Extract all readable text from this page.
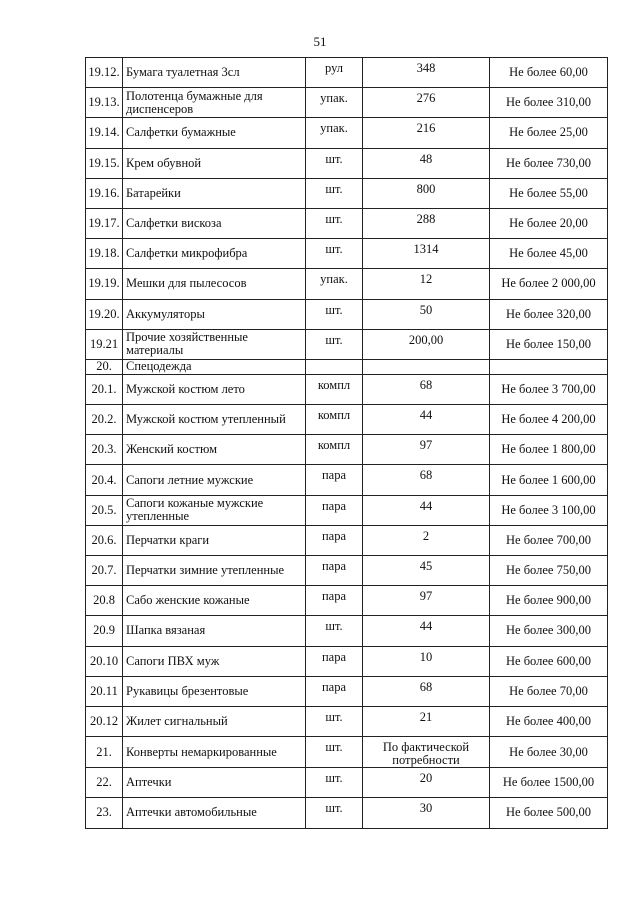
51
19.12.	Бумага туалетная 3сл	рул	348	Не более 60,00
19.13.	Полотенца бумажные для диспенсеров	упак.	276	Не более 310,00
19.14.	Салфетки бумажные	упак.	216	Не более 25,00
19.15.	Крем обувной	шт.	48	Не более 730,00
19.16.	Батарейки	шт.	800	Не более 55,00
19.17.	Салфетки вискоза	шт.	288	Не более 20,00
19.18.	Салфетки микрофибра	шт.	1314	Не более 45,00
19.19.	Мешки для пылесосов	упак.	12	Не более 2 000,00
19.20.	Аккумуляторы	шт.	50	Не более 320,00
19.21	Прочие хозяйственные материалы	шт.	200,00	Не более 150,00
20.	Спецодежда			
20.1.	Мужской костюм лето	компл	68	Не более 3 700,00
20.2.	Мужской костюм утепленный	компл	44	Не более 4 200,00
20.3.	Женский костюм	компл	97	Не более 1 800,00
20.4.	Сапоги летние мужские	пара	68	Не более 1 600,00
20.5.	Сапоги кожаные мужские утепленные	пара	44	Не более 3 100,00
20.6.	Перчатки краги	пара	2	Не более 700,00
20.7.	Перчатки зимние утепленные	пара	45	Не более 750,00
20.8	Сабо женские кожаные	пара	97	Не более 900,00
20.9	Шапка вязаная	шт.	44	Не более 300,00
20.10	Сапоги ПВХ муж	пара	10	Не более 600,00
20.11	Рукавицы брезентовые	пара	68	Не более 70,00
20.12	Жилет сигнальный	шт.	21	Не более 400,00
21.	Конверты немаркированные	шт.	По фактической потребности	Не более 30,00
22.	Аптечки	шт.	20	Не более 1500,00
23.	Аптечки автомобильные	шт.	30	Не более 500,00
